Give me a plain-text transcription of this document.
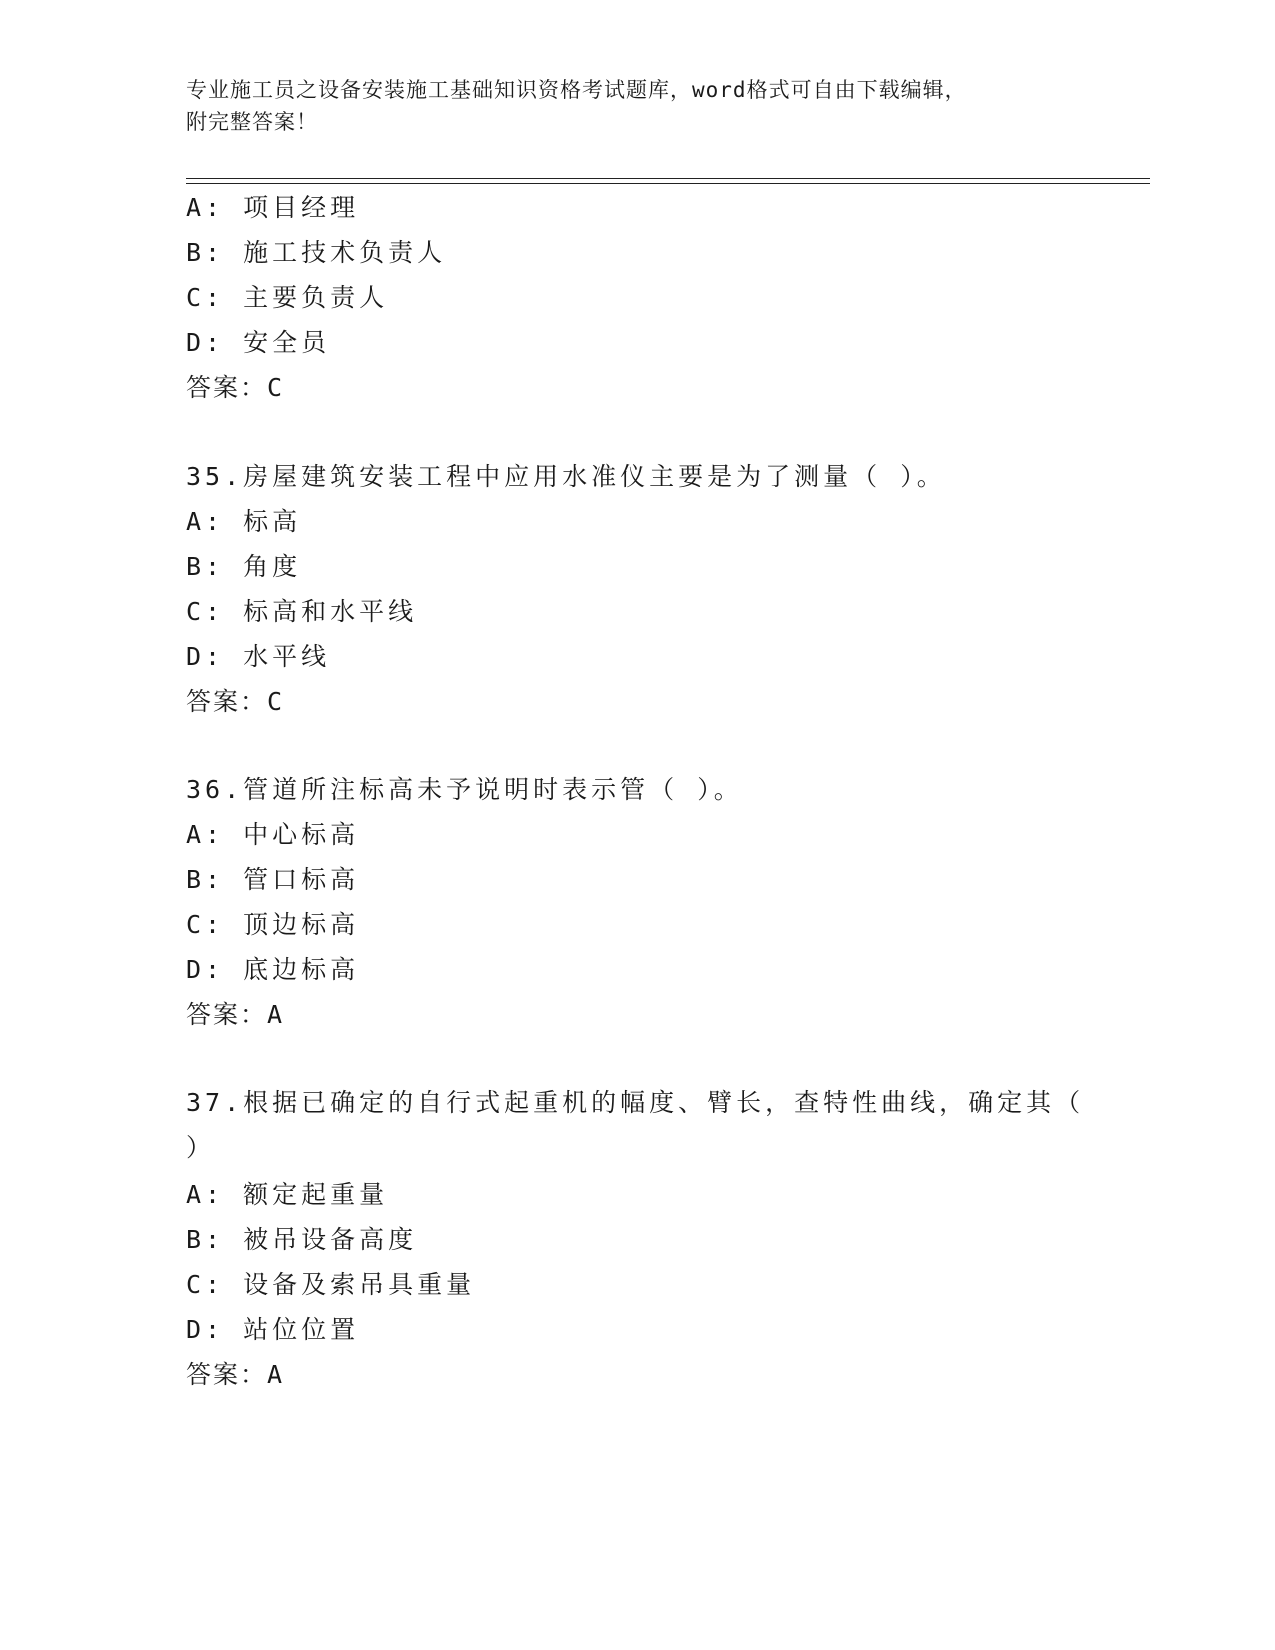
专业施工员之设备安装施工基础知识资格考试题库，word格式可自由下载编辑，
附完整答案！
A: 项目经理
B: 施工技术负责人
C: 主要负责人
D: 安全员
答案：C
35.房屋建筑安装工程中应用水准仪主要是为了测量（ ）。
A: 标高
B: 角度
C: 标高和水平线
D: 水平线
答案：C
36.管道所注标高未予说明时表示管（ ）。
A: 中心标高
B: 管口标高
C: 顶边标高
D: 底边标高
答案：A
37.根据已确定的自行式起重机的幅度、臂长，查特性曲线，确定其（
）
A: 额定起重量
B: 被吊设备高度
C: 设备及索吊具重量
D: 站位位置
答案：A
